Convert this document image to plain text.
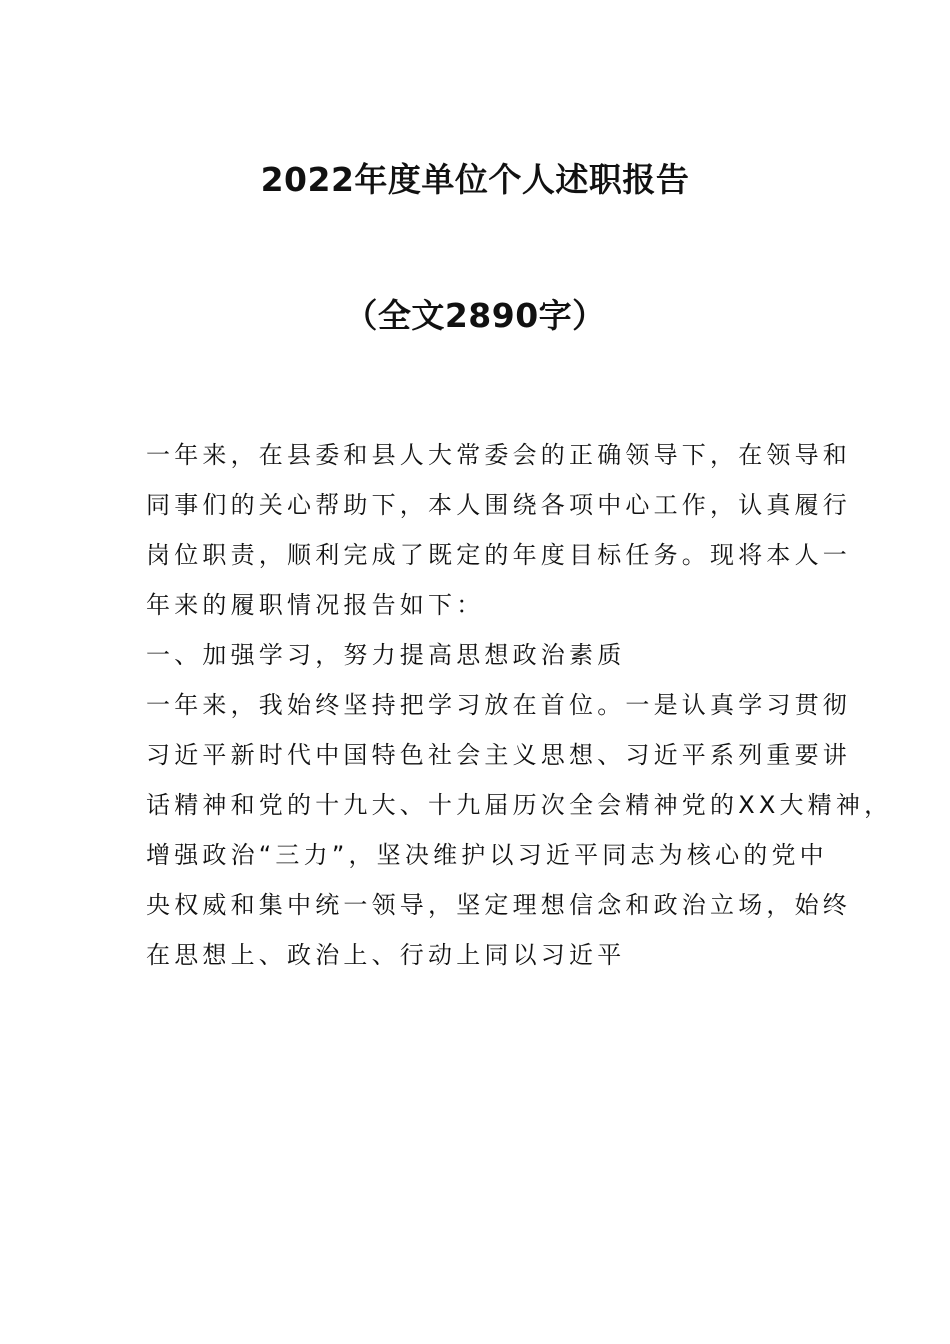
2022年度单位个人述职报告
（全文2890字）
一年来，在县委和县人大常委会的正确领导下，在领导和
同事们的关心帮助下，本人围绕各项中心工作，认真履行
岗位职责，顺利完成了既定的年度目标任务。现将本人一
年来的履职情况报告如下：
一、加强学习，努力提高思想政治素质
一年来，我始终坚持把学习放在首位。一是认真学习贯彻
习近平新时代中国特色社会主义思想、习近平系列重要讲
话精神和党的十九大、十九届历次全会精神党的XX大精神，
增强政治“三力”，坚决维护以习近平同志为核心的党中
央权威和集中统一领导，坚定理想信念和政治立场，始终
在思想上、政治上、行动上同以习近平
